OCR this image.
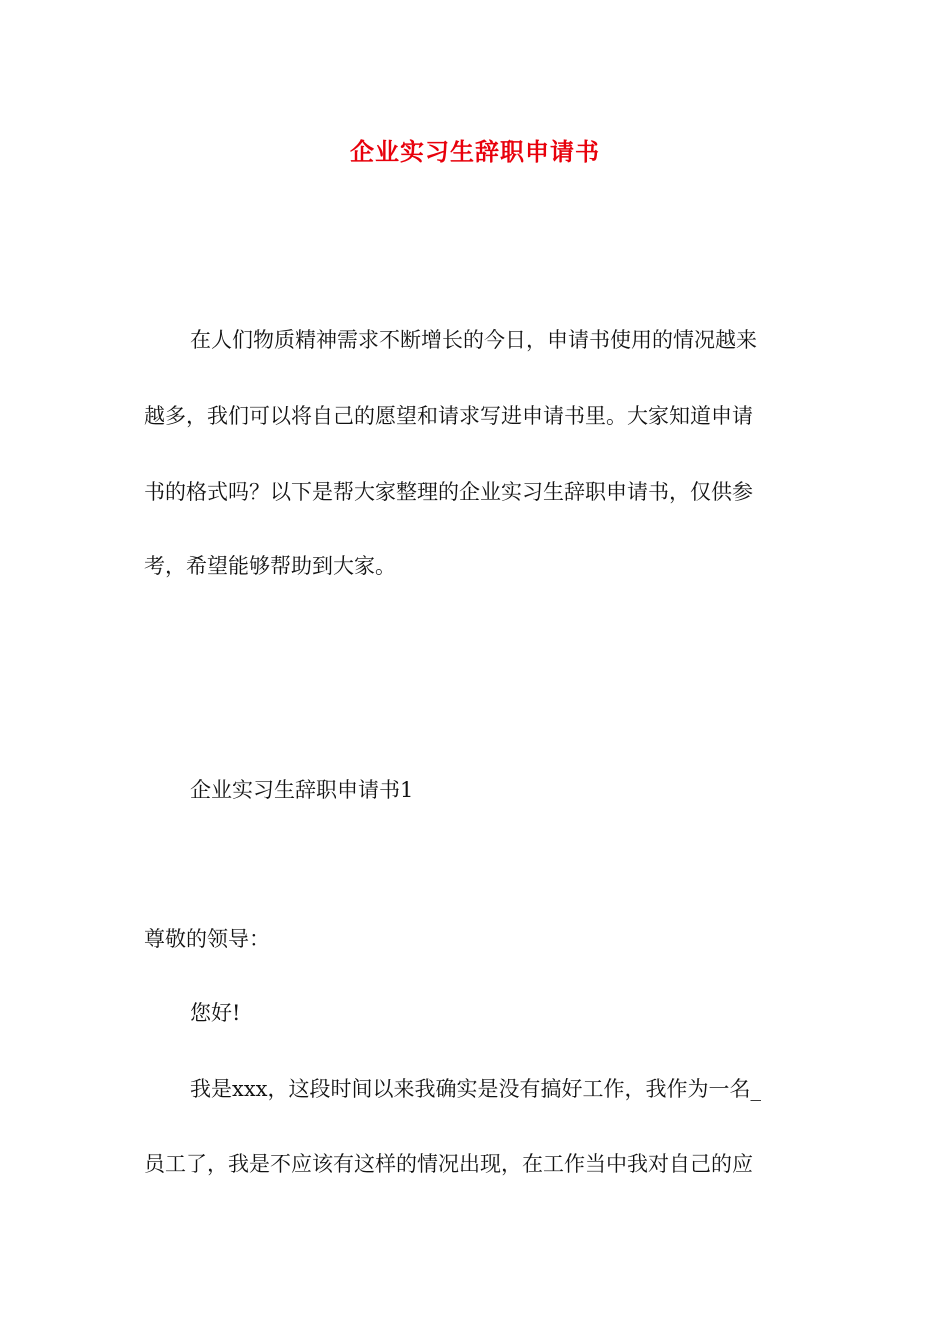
企业实习生辞职申请书
在人们物质精神需求不断增长的今日，申请书使用的情况越来
越多，我们可以将自己的愿望和请求写进申请书里。大家知道申请
书的格式吗？以下是帮大家整理的企业实习生辞职申请书，仅供参
考，希望能够帮助到大家。
企业实习生辞职申请书1
尊敬的领导：
您好!
我是xxx，这段时间以来我确实是没有搞好工作，我作为一名_
员工了，我是不应该有这样的情况出现，在工作当中我对自己的应
